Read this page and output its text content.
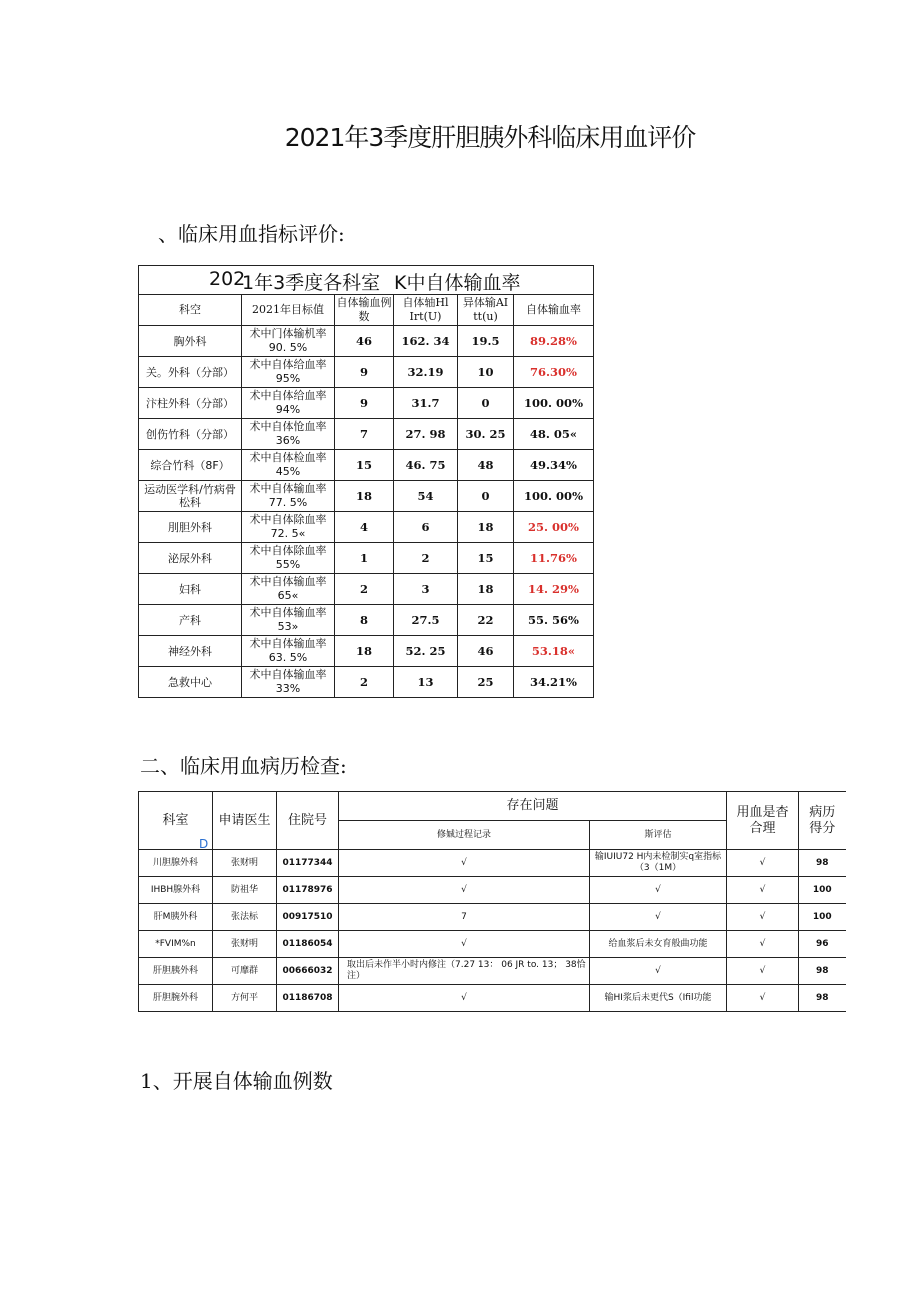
2021年3季度肝胆胰外科临床用血评价
、临床用血指标评价:
202
1年3季度各科室 K中自体输血率					

科空	2021年目标值	自体输血例数	自体轴Hl Irt(U)	异体输AI tt(u)	自体输血率
胸外科	术中门体输机率 90. 5%	46	162. 34	19.5	89.28%
关。外科（分部）	术中自体给血率 95%	9	32.19	10	76.30%
汴柱外科（分部）	术中自体给血率 94%	9	31.7	0	100. 00%
创伤竹科（分部）	术中自体怆血率 36%	7	27. 98	30. 25	48. 05«
综合竹科（8F）	术中自体检血率 45%	15	46. 75	48	49.34%
运动医学科/竹病骨松科	术中自体输血率 77. 5%	18	54	0	100. 00%
刖胆外科	术中自体除血率 72. 5«	4	6	18	25. 00%
泌尿外科	术中自体除血率 55%	1	2	15	11.76%
妇科	术中自体输血率 65«	2	3	18	14. 29%
产科	术中自体输血率 53»	8	27.5	22	55. 56%
神经外科	术中自体输血率 63. 5%	18	52. 25	46	53.18«
急救中心	术中自体输血率 33%	2	13	25	34.21%
二、临床用血病历检查:
科室
D	申请医生	住院号	存在问题		用血是杳合理	病历得分
			修娍过程记录	斯评估		
川胆腺外科	张财明	01177344	√	输IUIU72 H内未检制实q室指标 （3（1M）	√	98
IHBH腺外科	防祖华	01178976	√	√	√	100
肝M胰外科	张法标	00917510	7	√	√	100
*FVIM%n	张财明	01186054	√	给血浆后未女育般曲功能	√	96
肝胆胰外科	可靡群	00666032	取出后未作半小时内修注（7.27 13： 06 JR to. 13； 38恰注）	√	√	98
肝胆腕外科	方何平	01186708	√	输HI浆后未更代S（Ifil功能	√	98
1、开展自体输血例数
